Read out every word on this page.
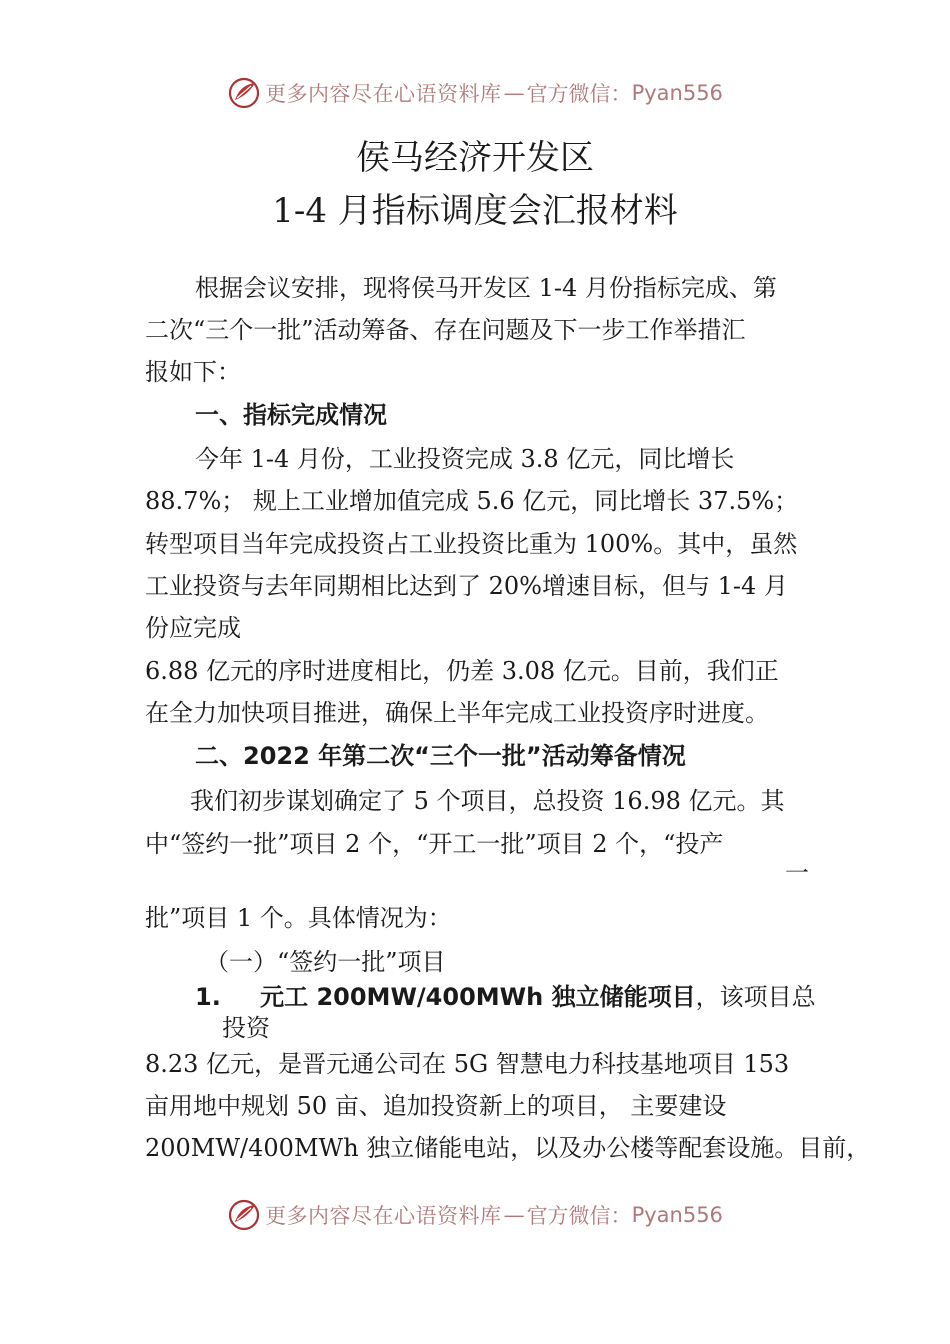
更多内容尽在心语资料库 — 官方微信： Pyan556
侯马经济开发区
1-4 月指标调度会汇报材料
根据会议安排，现将侯马开发区 1-4 月份指标完成、第
二次“三个一批”活动筹备、存在问题及下一步工作举措汇
报如下：
一、指标完成情况
今年 1-4 月份，工业投资完成 3.8 亿元，同比增长
88.7%； 规上工业增加值完成 5.6 亿元，同比增长 37.5%；
转型项目当年完成投资占工业投资比重为 100%。其中，虽然
工业投资与去年同期相比达到了 20%增速目标，但与 1-4 月
份应完成
6.88 亿元的序时进度相比，仍差 3.08 亿元。目前，我们正
在全力加快项目推进，确保上半年完成工业投资序时进度。
二、2022 年第二次“三个一批”活动筹备情况
我们初步谋划确定了 5 个项目，总投资 16.98 亿元。其
中“签约一批”项目 2 个，“开工一批”项目 2 个，“投产
一
批”项目 1 个。具体情况为：
（一）“签约一批”项目
1. 元工 200MW/400MWh 独立储能项目，该项目总
投资
8.23 亿元，是晋元通公司在 5G 智慧电力科技基地项目 153
亩用地中规划 50 亩、追加投资新上的项目， 主要建设
200MW/400MWh 独立储能电站，以及办公楼等配套设施。目前，
更多内容尽在心语资料库 — 官方微信： Pyan556
